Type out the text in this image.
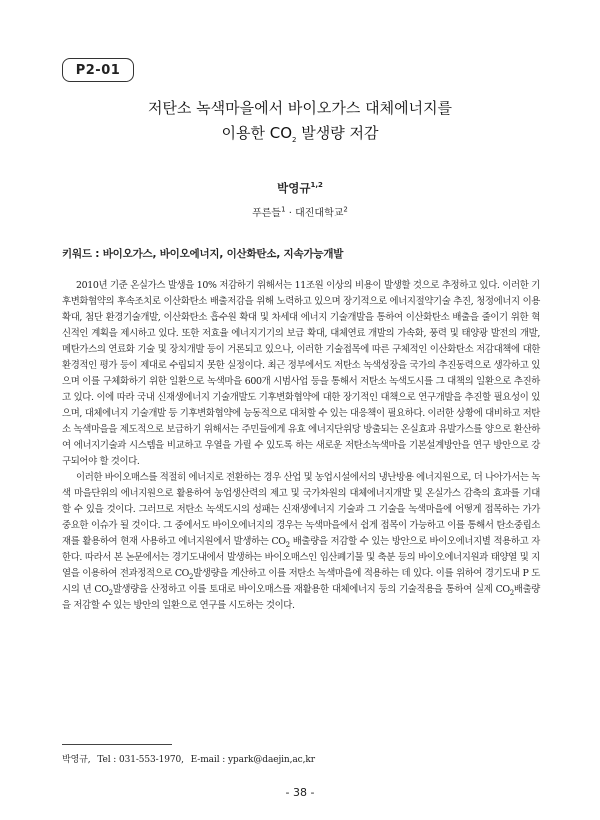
P2-01
저탄소 녹색마을에서 바이오가스 대체에너지를
이용한 $CO_2$ 발생량 저감
박영규$^{1,2}$
푸른들$^1$ · 대진대학교$^2$
키워드 : 바이오가스, 바이오에너지, 이산화탄소, 지속가능개발

2010년 기준 온실가스 발생을 10% 저감하기 위해서는 11조원 이상의 비용이 발생할 것으로 추정하고 있다. 이러한 기후변화협약의 후속조치로 이산화탄소 배출저감을 위해 노력하고 있으며 장기적으로 에너지절약기술 추진, 청정에너지 이용확대, 첨단 환경기술개발, 이산화탄소 흡수원 확대 및 차세대 에너지 기술개발을 통하여 이산화탄소 배출을 줄이기 위한 혁신적인 계획을 제시하고 있다. 또한 저효율 에너지기기의 보급 확대, 대체연료 개발의 가속화, 풍력 및 태양광 발전의 개발, 메탄가스의 연료화 기술 및 장치개발 등이 거론되고 있으나, 이러한 기술접목에 따른 구체적인 이산화탄소 저감대책에 대한 환경적인 평가 등이 제대로 수립되지 못한 실정이다. 최근 정부에서도 저탄소 녹색성장을 국가의 추진동력으로 생각하고 있으며 이를 구체화하기 위한 일환으로 녹색마을 600개 시범사업 등을 통해서 저탄소 녹색도시를 그 대책의 일환으로 추진하고 있다. 이에 따라 국내 신재생에너지 기술개발도 기후변화협약에 대한 장기적인 대책으로 연구개발을 추진할 필요성이 있으며, 대체에너지 기술개발 등 기후변화협약에 능동적으로 대처할 수 있는 대응책이 필요하다. 이러한 상황에 대비하고 저탄소 녹색마을을 제도적으로 보급하기 위해서는 주민들에게 유효 에너지단위당 방출되는 온실효과 유발가스를 양으로 환산하여 에너지기술과 시스템을 비교하고 우열을 가릴 수 있도록 하는 새로운 저탄소녹색마을 기본설계방안을 연구 방안으로 강구되어야 할 것이다.

이러한 바이오매스를 적절히 에너지로 전환하는 경우 산업 및 농업시설에서의 냉난방용 에너지원으로, 더 나아가서는 녹색 마을단위의 에너지원으로 활용하여 농업생산력의 제고 및 국가차원의 대체에너지개발 및 온실가스 감축의 효과를 기대할 수 있을 것이다. 그러므로 저탄소 녹색도시의 성패는 신재생에너지 기술과 그 기술을 녹색마을에 어떻게 접목하는 가가 중요한 이슈가 될 것이다. 그 중에서도 바이오에너지의 경우는 녹색마을에서 쉽게 접목이 가능하고 이를 통해서 탄소중립소재를 활용하여 현재 사용하고 에너지원에서 발생하는 $CO_2$ 배출량을 저감할 수 있는 방안으로 바이오에너지별 적용하고 자 한다. 따라서 본 논문에서는 경기도내에서 발생하는 바이오매스인 임산폐기물 및 축분 등의 바이오에너지원과 태양열 및 지열을 이용하여 전과정적으로 $CO_2$발생량을 계산하고 이를 저탄소 녹색마을에 적용하는 데 있다. 이를 위하여 경기도내 P 도시의 년 $CO_2$발생량을 산정하고 이를 토대로 바이오매스를 재활용한 대체에너지 등의 기술적용을 통하여 실제 $CO_2$배출량을 저감할 수 있는 방안의 일환으로 연구를 시도하는 것이다.

박영규, Tel : 031-553-1970, E-mail : ypark@daejin,ac,kr
- 38 -
